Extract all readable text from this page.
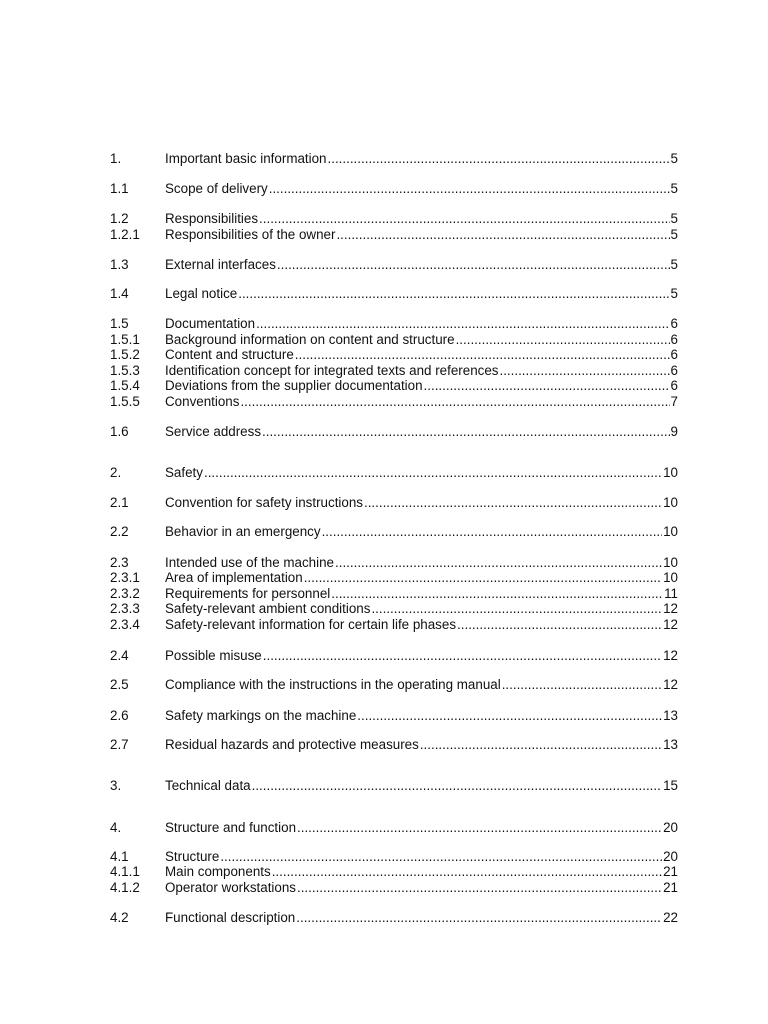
1.	Important basic information .....	5
1.1	Scope of delivery .....	5
1.2	Responsibilities .....	5
1.2.1	Responsibilities of the owner .....	5
1.3	External interfaces .....	5
1.4	Legal notice .....	5
1.5	Documentation .....	6
1.5.1	Background information on content and structure .....	6
1.5.2	Content and structure .....	6
1.5.3	Identification concept for integrated texts and references .....	6
1.5.4	Deviations from the supplier documentation .....	6
1.5.5	Conventions .....	7
1.6	Service address .....	9
2.	Safety .....	10
2.1	Convention for safety instructions .....	10
2.2	Behavior in an emergency .....	10
2.3	Intended use of the machine .....	10
2.3.1	Area of implementation .....	10
2.3.2	Requirements for personnel .....	11
2.3.3	Safety-relevant ambient conditions .....	12
2.3.4	Safety-relevant information for certain life phases .....	12
2.4	Possible misuse .....	12
2.5	Compliance with the instructions in the operating manual .....	12
2.6	Safety markings on the machine .....	13
2.7	Residual hazards and protective measures .....	13
3.	Technical data .....	15
4.	Structure and function .....	20
4.1	Structure .....	20
4.1.1	Main components .....	21
4.1.2	Operator workstations .....	21
4.2	Functional description .....	22
